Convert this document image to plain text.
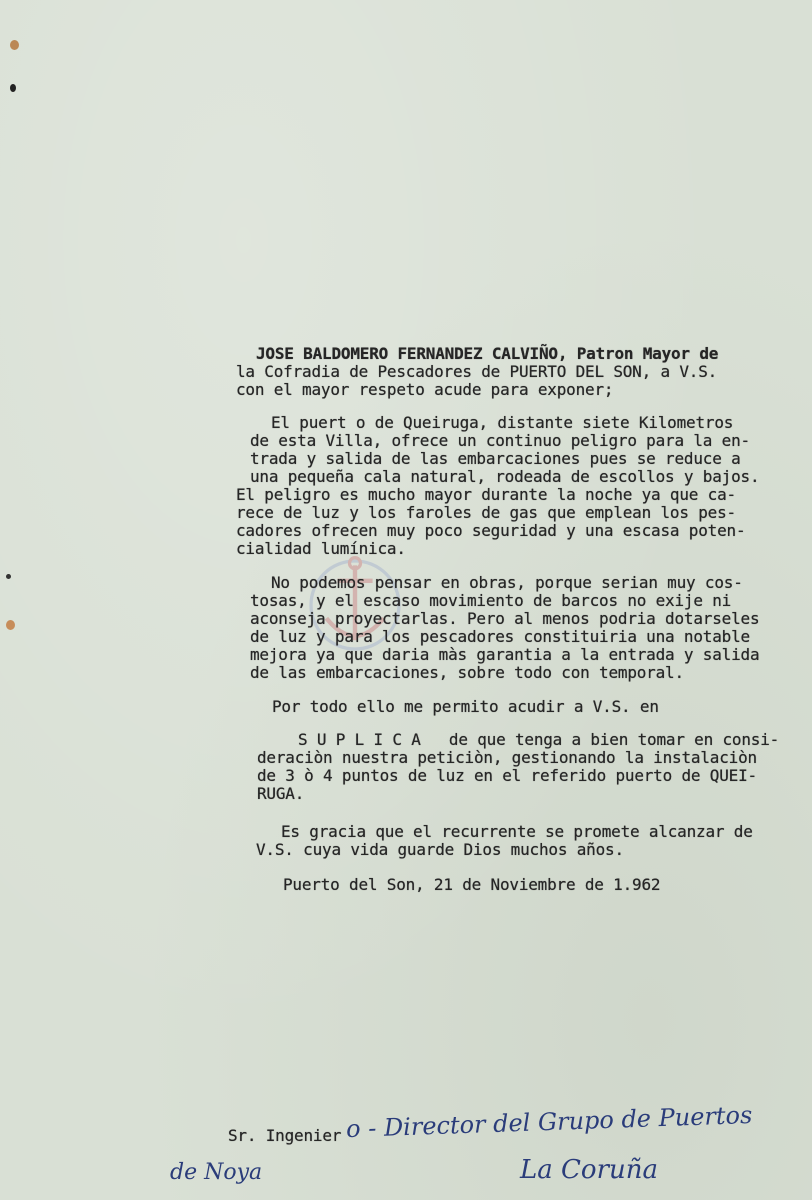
JOSE BALDOMERO FERNANDEZ CALVIÑO, Patron Mayor de
la Cofradia de Pescadores de PUERTO DEL SON, a V.S.
con el mayor respeto acude para exponer;
El puert o de Queiruga, distante siete Kilometros
de esta Villa, ofrece un continuo peligro para la en-
trada y salida de las embarcaciones pues se reduce a
una pequeña cala natural, rodeada de escollos y bajos.
El peligro es mucho mayor durante la noche ya que ca-
rece de luz y los faroles de gas que emplean los pes-
cadores ofrecen muy poco seguridad y una escasa poten-
cialidad lumínica.
No podemos pensar en obras, porque serian muy cos-
tosas, y el escaso movimiento de barcos no exije ni
aconseja proyectarlas. Pero al menos podria dotarseles
de luz y para los pescadores constituiria una notable
mejora ya que daria màs garantia a la entrada y salida
de las embarcaciones, sobre todo con temporal.
Por todo ello me permito acudir a V.S. en
S U P L I C A   de que tenga a bien tomar en consi-
deraciòn nuestra peticiòn, gestionando la instalaciòn
de 3 ò 4 puntos de luz en el referido puerto de QUEI-
RUGA.
Es gracia que el recurrente se promete alcanzar de
V.S. cuya vida guarde Dios muchos años.
Puerto del Son, 21 de Noviembre de 1.962
Sr. Ingenier o - Director del Grupo de Puertos
de Noya	La Coruña
